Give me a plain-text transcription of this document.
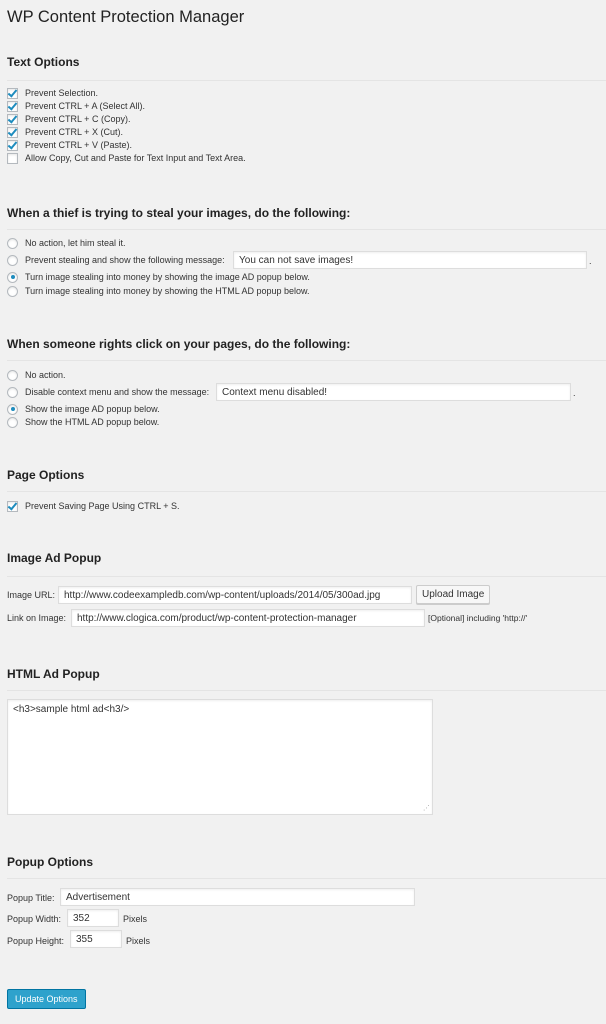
WP Content Protection Manager
Text Options
Prevent Selection.
Prevent CTRL + A (Select All).
Prevent CTRL + C (Copy).
Prevent CTRL + X (Cut).
Prevent CTRL + V (Paste).
Allow Copy, Cut and Paste for Text Input and Text Area.
When a thief is trying to steal your images, do the following:
No action, let him steal it.
Prevent stealing and show the following message:	You can not save images!	.
Turn image stealing into money by showing the image AD popup below.
Turn image stealing into money by showing the HTML AD popup below.
When someone rights click on your pages, do the following:
No action.
Disable context menu and show the message:	Context menu disabled!	.
Show the image AD popup below.
Show the HTML AD popup below.
Page Options
Prevent Saving Page Using CTRL + S.
Image Ad Popup
Image URL: http://www.codeexampledb.com/wp-content/uploads/2014/05/300ad.jpg	Upload Image
Link on Image:	http://www.clogica.com/product/wp-content-protection-manager	[Optional] including 'http://'
HTML Ad Popup
<h3>sample html ad<h3/>
⋰
Popup Options
Popup Title:	Advertisement
Popup Width:	352	Pixels
Popup Height:	355	Pixels
Update Options
